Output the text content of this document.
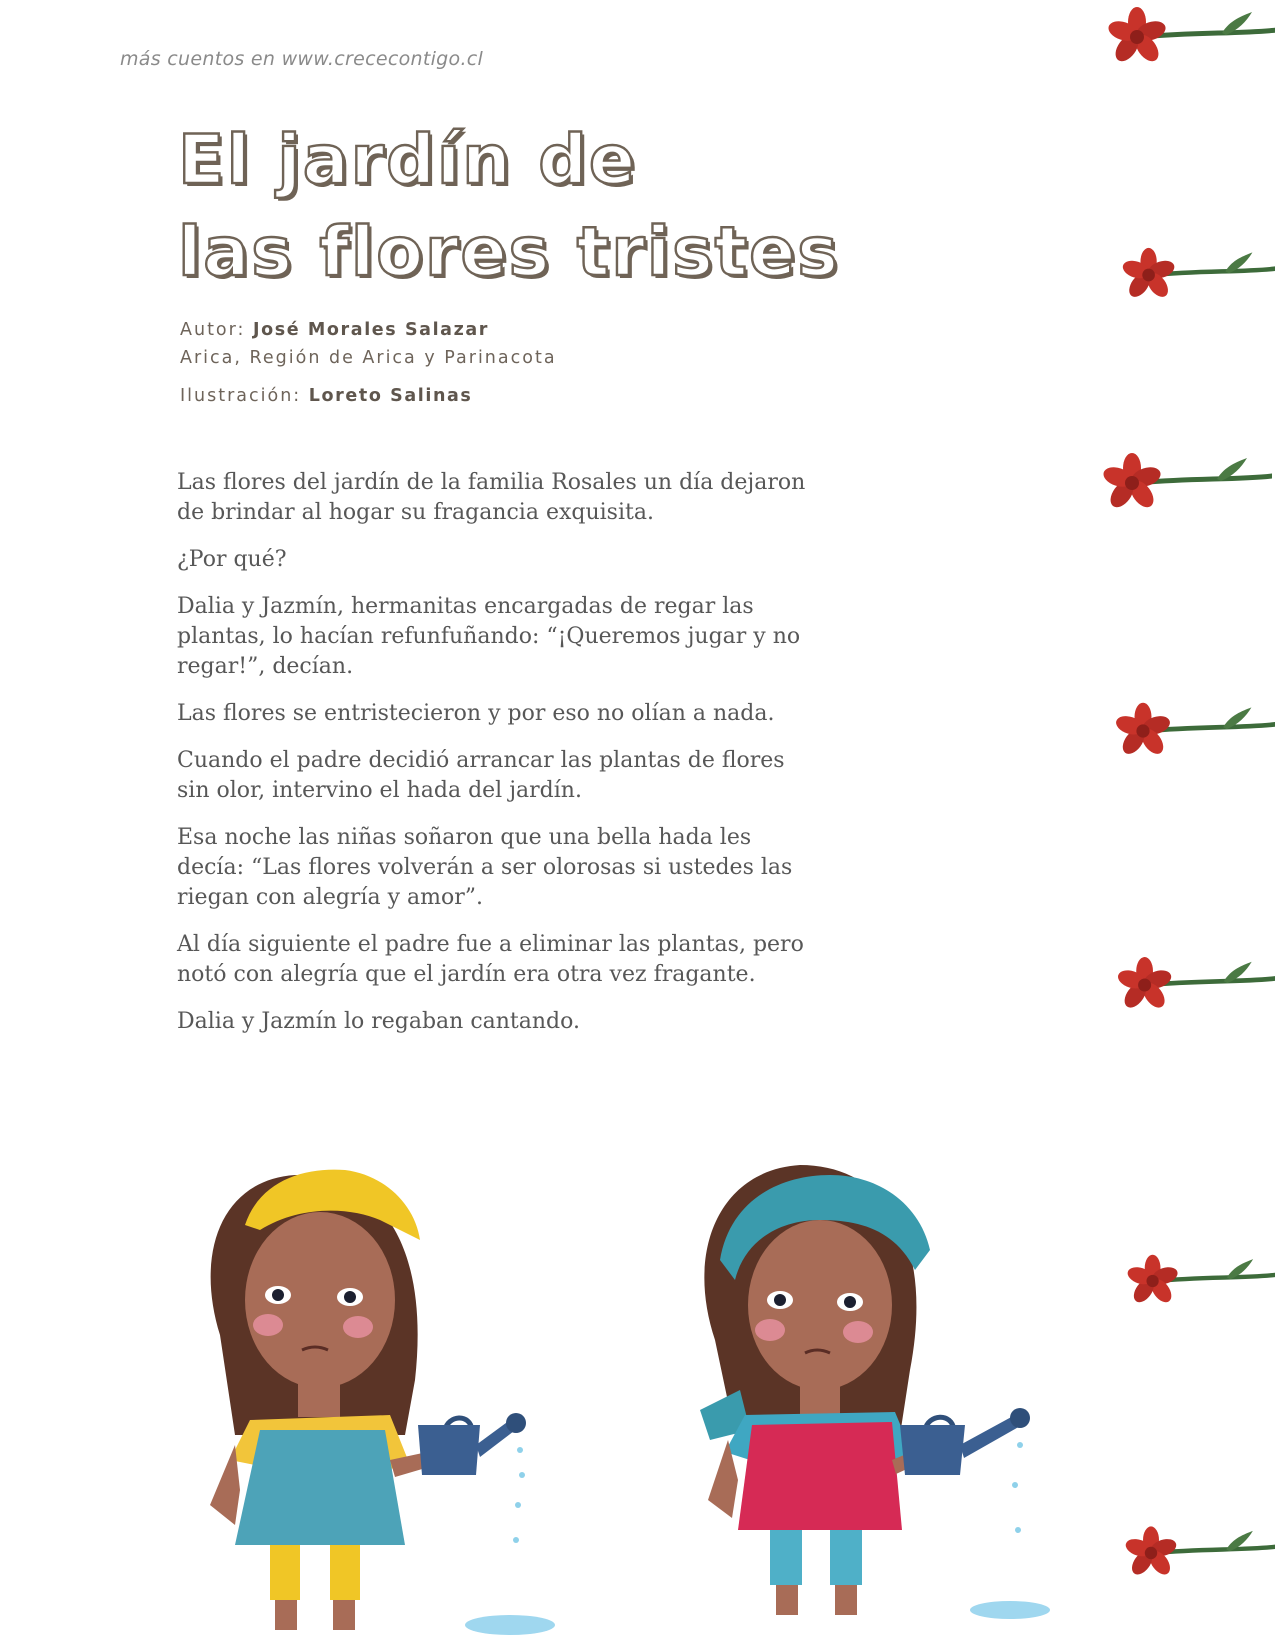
más cuentos en www.crececontigo.cl
El jardín de
las flores tristes
Autor: José Morales Salazar
Arica, Región de Arica y Parinacota
Ilustración: Loreto Salinas

Las flores del jardín de la familia Rosales un día dejaron de brindar al hogar su fragancia exquisita.

¿Por qué?

Dalia y Jazmín, hermanitas encargadas de regar las plantas, lo hacían refunfuñando: “¡Queremos jugar y no regar!”, decían.

Las flores se entristecieron y por eso no olían a nada.

Cuando el padre decidió arrancar las plantas de flores sin olor, intervino el hada del jardín.

Esa noche las niñas soñaron que una bella hada les decía: “Las flores volverán a ser olorosas si ustedes las riegan con alegría y amor”.

Al día siguiente el padre fue a eliminar las plantas, pero notó con alegría que el jardín era otra vez fragante.

Dalia y Jazmín lo regaban cantando.
